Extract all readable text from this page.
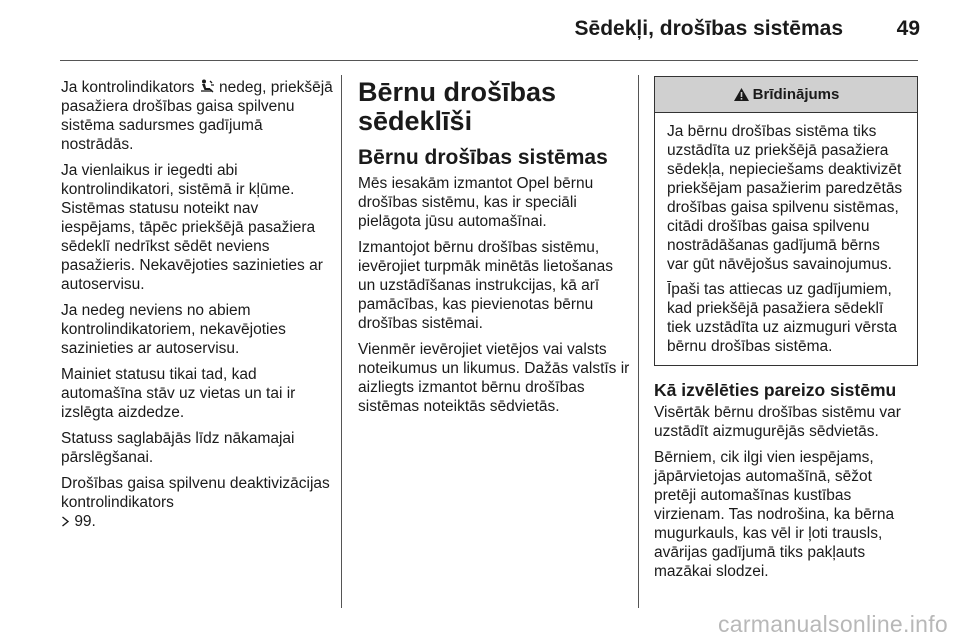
Sēdekļi, drošības sistēmas	49

Ja kontrolindikators nedeg, priekšējā pasažiera drošības gaisa spilvenu sistēma sadursmes gadījumā nostrādās.

Ja vienlaikus ir iegedti abi kontrolindikatori, sistēmā ir kļūme. Sistēmas statusu noteikt nav iespējams, tāpēc priekšējā pasažiera sēdeklī nedrīkst sēdēt neviens pasažieris. Nekavējoties sazinieties ar autoservisu.

Ja nedeg neviens no abiem kontrolindikatoriem, nekavējoties sazinieties ar autoservisu.

Mainiet statusu tikai tad, kad automašīna stāv uz vietas un tai ir izslēgta aizdedze.

Statuss saglabājās līdz nākamajai pārslēgšanai.

Drošības gaisa spilvenu deaktivizācijas kontrolindikators
99.

Bērnu drošības sēdeklīši
Bērnu drošības sistēmas

Mēs iesakām izmantot Opel bērnu drošības sistēmu, kas ir speciāli pielāgota jūsu automašīnai.

Izmantojot bērnu drošības sistēmu, ievērojiet turpmāk minētās lietošanas un uzstādīšanas instrukcijas, kā arī pamācības, kas pievienotas bērnu drošības sistēmai.

Vienmēr ievērojiet vietējos vai valsts noteikumus un likumus. Dažās valstīs ir aizliegts izmantot bērnu drošības sistēmas noteiktās sēdvietās.

Brīdinājums

Ja bērnu drošības sistēma tiks uzstādīta uz priekšējā pasažiera sēdekļa, nepieciešams deaktivizēt priekšējam pasažierim paredzētās drošības gaisa spilvenu sistēmas, citādi drošības gaisa spilvenu nostrādāšanas gadījumā bērns var gūt nāvējošus savainojumus.

Īpaši tas attiecas uz gadījumiem, kad priekšējā pasažiera sēdeklī tiek uzstādīta uz aizmuguri vērsta bērnu drošības sistēma.

Kā izvēlēties pareizo sistēmu

Visērtāk bērnu drošības sistēmu var uzstādīt aizmugurējās sēdvietās.

Bērniem, cik ilgi vien iespējams, jāpārvietojas automašīnā, sēžot pretēji automašīnas kustības virzienam. Tas nodrošina, ka bērna mugurkauls, kas vēl ir ļoti trausls, avārijas gadījumā tiks pakļauts mazākai slodzei.

carmanualsonline.info
